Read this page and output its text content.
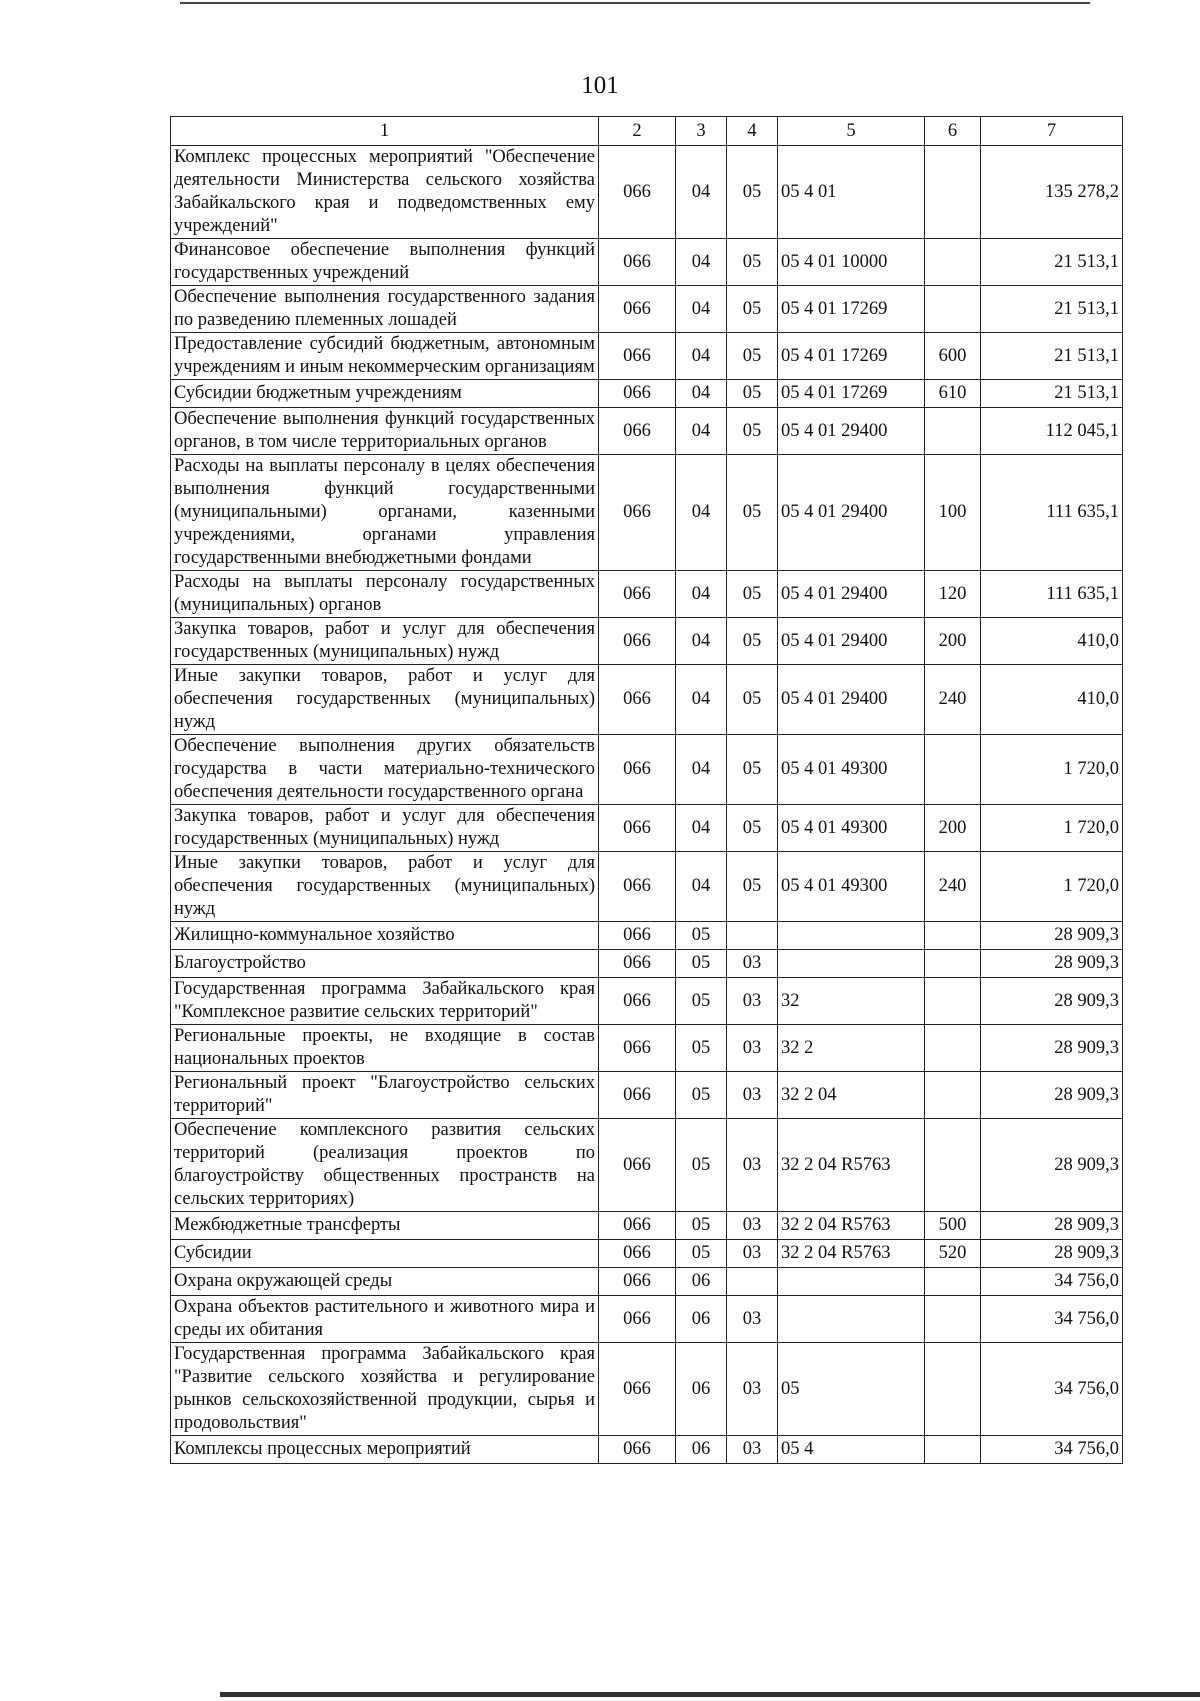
101
1	2	3	4	5	6	7
Комплекс процессных мероприятий "Обеспечение деятельности Министерства сельского хозяйства Забайкальского края и подведомственных ему учреждений"	066	04	05	05 4 01		135 278,2
Финансовое обеспечение выполнения функций государственных учреждений	066	04	05	05 4 01 10000		21 513,1
Обеспечение выполнения государственного задания по разведению племенных лошадей	066	04	05	05 4 01 17269		21 513,1
Предоставление субсидий бюджетным, автономным учреждениям и иным некоммерческим организациям	066	04	05	05 4 01 17269	600	21 513,1
Субсидии бюджетным учреждениям	066	04	05	05 4 01 17269	610	21 513,1
Обеспечение выполнения функций государственных органов, в том числе территориальных органов	066	04	05	05 4 01 29400		112 045,1
Расходы на выплаты персоналу в целях обеспечения выполнения функций государственными (муниципальными) органами, казенными учреждениями, органами управления государственными внебюджетными фондами	066	04	05	05 4 01 29400	100	111 635,1
Расходы на выплаты персоналу государственных (муниципальных) органов	066	04	05	05 4 01 29400	120	111 635,1
Закупка товаров, работ и услуг для обеспечения государственных (муниципальных) нужд	066	04	05	05 4 01 29400	200	410,0
Иные закупки товаров, работ и услуг для обеспечения государственных (муниципальных) нужд	066	04	05	05 4 01 29400	240	410,0
Обеспечение выполнения других обязательств государства в части материально-технического обеспечения деятельности государственного органа	066	04	05	05 4 01 49300		1 720,0
Закупка товаров, работ и услуг для обеспечения государственных (муниципальных) нужд	066	04	05	05 4 01 49300	200	1 720,0
Иные закупки товаров, работ и услуг для обеспечения государственных (муниципальных) нужд	066	04	05	05 4 01 49300	240	1 720,0
Жилищно-коммунальное хозяйство	066	05				28 909,3
Благоустройство	066	05	03			28 909,3
Государственная программа Забайкальского края "Комплексное развитие сельских территорий"	066	05	03	32		28 909,3
Региональные проекты, не входящие в состав национальных проектов	066	05	03	32 2		28 909,3
Региональный проект "Благоустройство сельских территорий"	066	05	03	32 2 04		28 909,3
Обеспечение комплексного развития сельских территорий (реализация проектов по благоустройству общественных пространств на сельских территориях)	066	05	03	32 2 04 R5763		28 909,3
Межбюджетные трансферты	066	05	03	32 2 04 R5763	500	28 909,3
Субсидии	066	05	03	32 2 04 R5763	520	28 909,3
Охрана окружающей среды	066	06				34 756,0
Охрана объектов растительного и животного мира и среды их обитания	066	06	03			34 756,0
Государственная программа Забайкальского края "Развитие сельского хозяйства и регулирование рынков сельскохозяйственной продукции, сырья и продовольствия"	066	06	03	05		34 756,0
Комплексы процессных мероприятий	066	06	03	05 4		34 756,0
